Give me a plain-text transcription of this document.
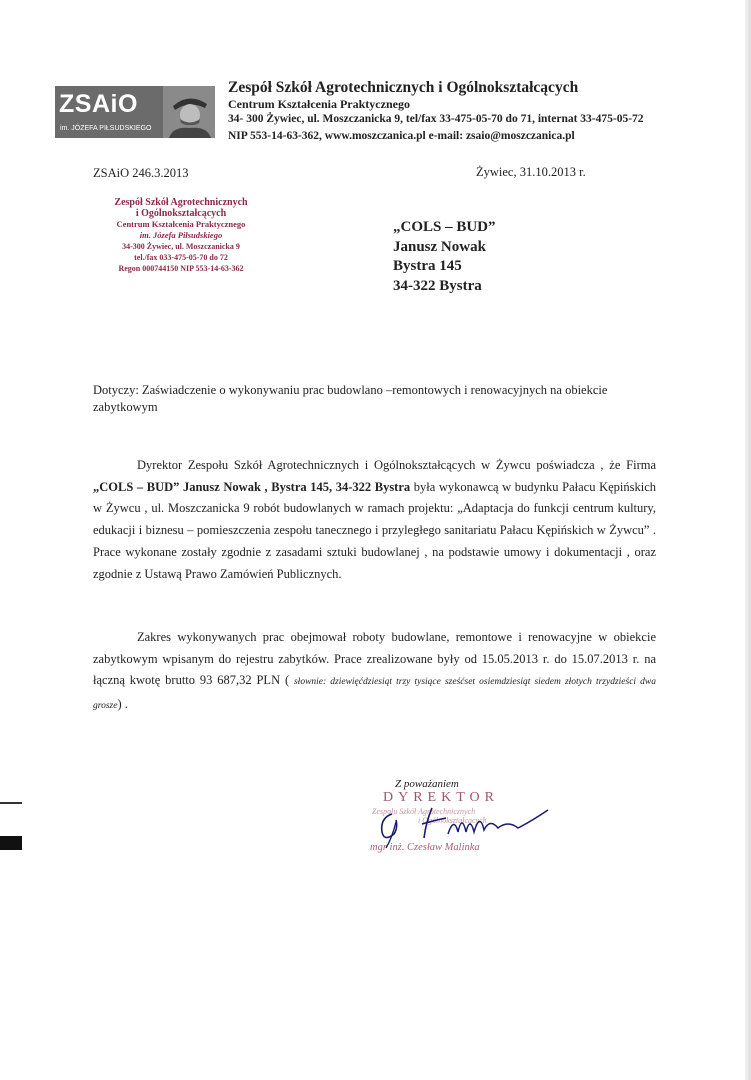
ZSAiO
im. JÓZEFA PIŁSUDSKIEGO
Zespół Szkół Agrotechnicznych i Ogólnokształcących
Centrum Kształcenia Praktycznego
34- 300 Żywiec, ul. Moszczanicka 9, tel/fax 33-475-05-70 do 71, internat 33-475-05-72
NIP 553-14-63-362, www.moszczanica.pl e-mail: zsaio@moszczanica.pl
ZSAiO 246.3.2013	Żywiec, 31.10.2013 r.
Zespół Szkół Agrotechnicznych
i Ogólnokształcących
Centrum Kształcenia Praktycznego
im. Józefa Piłsudskiego
34-300 Żywiec, ul. Moszczanicka 9
tel./fax 033-475-05-70 do 72
Regon 000744150 NIP 553-14-63-362
„COLS – BUD”
Janusz Nowak
Bystra 145
34-322 Bystra
Dotyczy: Zaświadczenie o wykonywaniu prac budowlano –remontowych i renowacyjnych na obiekcie zabytkowym
Dyrektor Zespołu Szkół Agrotechnicznych i Ogólnokształcących w Żywcu poświadcza , że Firma „COLS – BUD” Janusz Nowak , Bystra 145, 34-322 Bystra była wykonawcą w budynku Pałacu Kępińskich w Żywcu , ul. Moszczanicka 9 robót budowlanych w ramach projektu: „Adaptacja do funkcji centrum kultury, edukacji i biznesu – pomieszczenia zespołu tanecznego i przyległego sanitariatu Pałacu Kępińskich w Żywcu” . Prace wykonane zostały zgodnie z zasadami sztuki budowlanej , na podstawie umowy i dokumentacji , oraz zgodnie z Ustawą Prawo Zamówień Publicznych.
Zakres wykonywanych prac obejmował roboty budowlane, remontowe i renowacyjne w obiekcie zabytkowym wpisanym do rejestru zabytków. Prace zrealizowane były od 15.05.2013 r. do 15.07.2013 r. na łączną kwotę brutto 93 687,32 PLN ( słownie: dziewięćdziesiąt trzy tysiące sześćset osiemdziesiąt siedem złotych trzydzieści dwa grosze) .
Z poważaniem
DYREKTOR
Zespołu Szkół Agrotechnicznych
i Ogólnokształcących
mgr inż. Czesław Malinka
